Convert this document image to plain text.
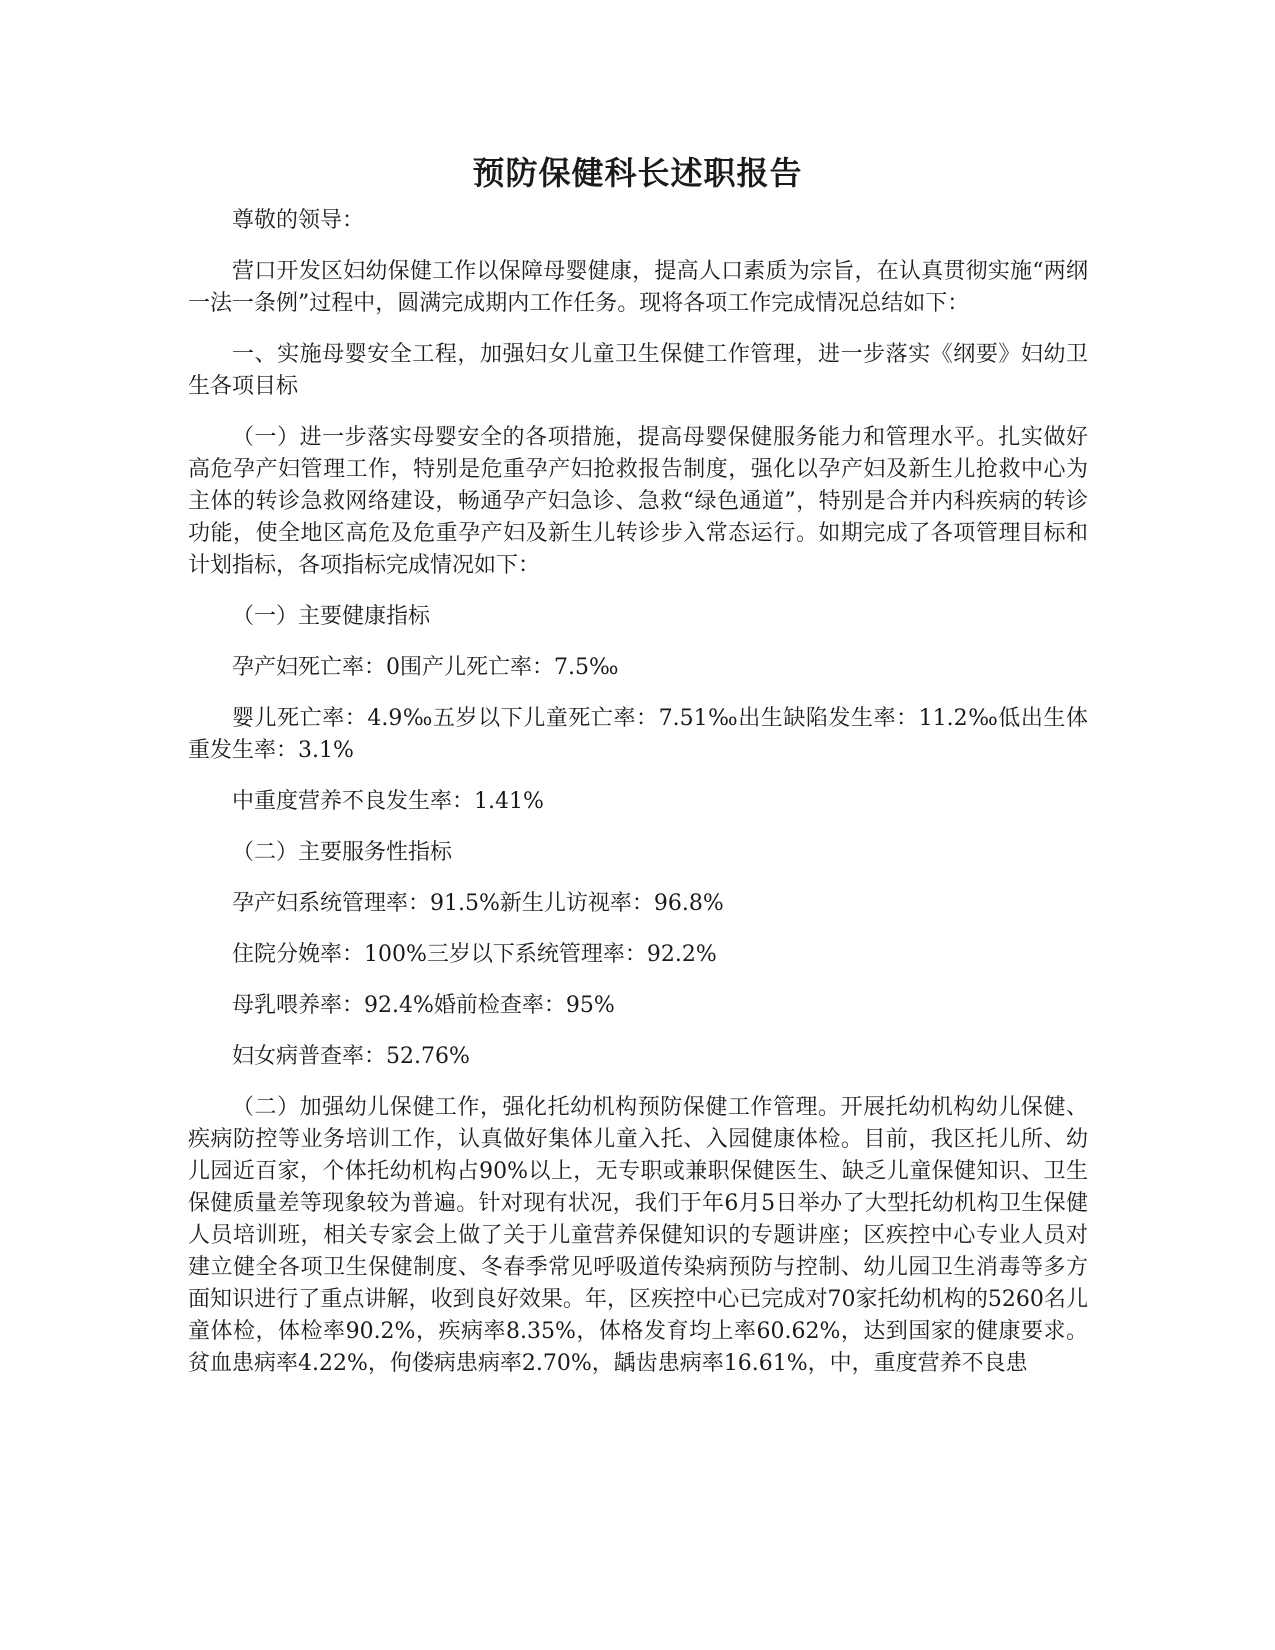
预防保健科长述职报告

尊敬的领导：

营口开发区妇幼保健工作以保障母婴健康，提高人口素质为宗旨，在认真贯彻实施“两纲一法一条例”过程中，圆满完成期内工作任务。现将各项工作完成情况总结如下：

一、实施母婴安全工程，加强妇女儿童卫生保健工作管理，进一步落实《纲要》妇幼卫生各项目标

（一）进一步落实母婴安全的各项措施，提高母婴保健服务能力和管理水平。扎实做好高危孕产妇管理工作，特别是危重孕产妇抢救报告制度，强化以孕产妇及新生儿抢救中心为主体的转诊急救网络建设，畅通孕产妇急诊、急救“绿色通道”，特别是合并内科疾病的转诊功能，使全地区高危及危重孕产妇及新生儿转诊步入常态运行。如期完成了各项管理目标和计划指标，各项指标完成情况如下：

（一）主要健康指标

孕产妇死亡率：0围产儿死亡率：7.5‰

婴儿死亡率：4.9‰五岁以下儿童死亡率：7.51‰出生缺陷发生率：11.2‰低出生体重发生率：3.1%

中重度营养不良发生率：1.41%

（二）主要服务性指标

孕产妇系统管理率：91.5%新生儿访视率：96.8%

住院分娩率：100%三岁以下系统管理率：92.2%

母乳喂养率：92.4%婚前检查率：95%

妇女病普查率：52.76%

（二）加强幼儿保健工作，强化托幼机构预防保健工作管理。开展托幼机构幼儿保健、疾病防控等业务培训工作，认真做好集体儿童入托、入园健康体检。目前，我区托儿所、幼儿园近百家，个体托幼机构占90%以上，无专职或兼职保健医生、缺乏儿童保健知识、卫生保健质量差等现象较为普遍。针对现有状况，我们于年6月5日举办了大型托幼机构卫生保健人员培训班，相关专家会上做了关于儿童营养保健知识的专题讲座；区疾控中心专业人员对建立健全各项卫生保健制度、冬春季常见呼吸道传染病预防与控制、幼儿园卫生消毒等多方面知识进行了重点讲解，收到良好效果。年，区疾控中心已完成对70家托幼机构的5260名儿童体检，体检率90.2%，疾病率8.35%，体格发育均上率60.62%，达到国家的健康要求。贫血患病率4.22%，佝偻病患病率2.70%，龋齿患病率16.61%，中，重度营养不良患
